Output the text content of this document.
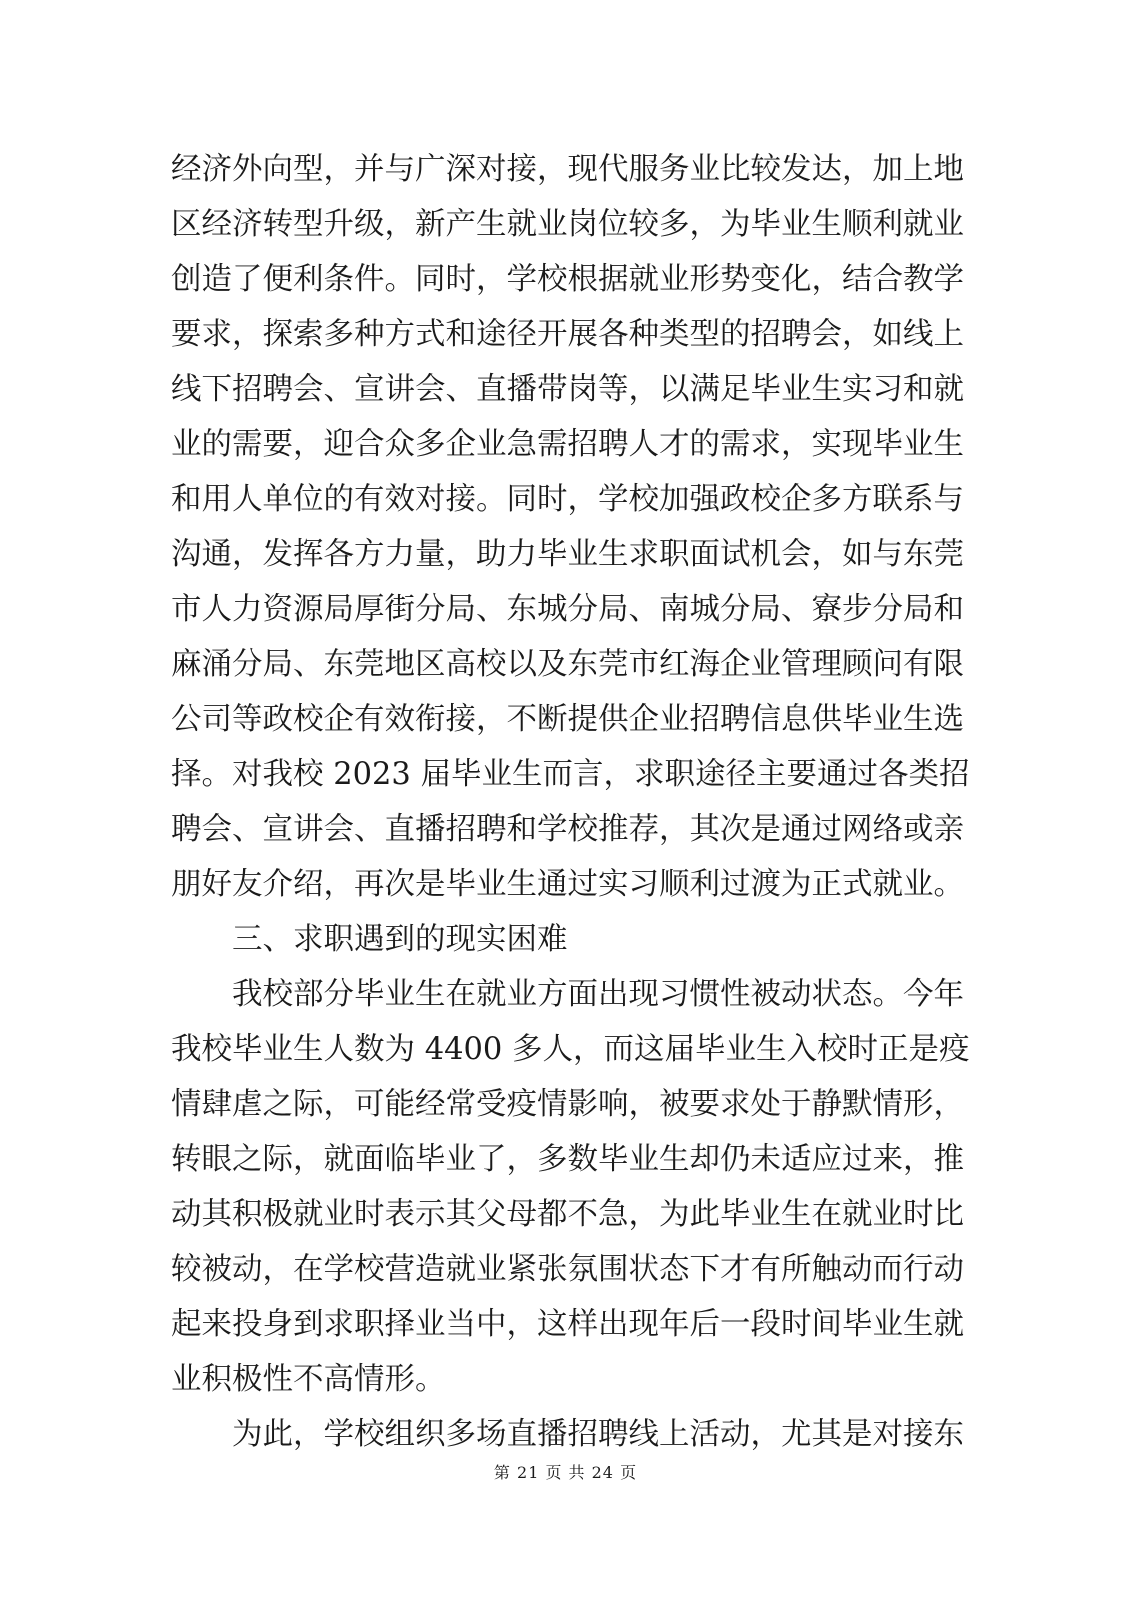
经济外向型，并与广深对接，现代服务业比较发达，加上地
区经济转型升级，新产生就业岗位较多，为毕业生顺利就业
创造了便利条件。同时，学校根据就业形势变化，结合教学
要求，探索多种方式和途径开展各种类型的招聘会，如线上
线下招聘会、宣讲会、直播带岗等，以满足毕业生实习和就
业的需要，迎合众多企业急需招聘人才的需求，实现毕业生
和用人单位的有效对接。同时，学校加强政校企多方联系与
沟通，发挥各方力量，助力毕业生求职面试机会，如与东莞
市人力资源局厚街分局、东城分局、南城分局、寮步分局和
麻涌分局、东莞地区高校以及东莞市红海企业管理顾问有限
公司等政校企有效衔接，不断提供企业招聘信息供毕业生选
择。对我校 2023 届毕业生而言，求职途径主要通过各类招
聘会、宣讲会、直播招聘和学校推荐，其次是通过网络或亲
朋好友介绍，再次是毕业生通过实习顺利过渡为正式就业。
三、求职遇到的现实困难
我校部分毕业生在就业方面出现习惯性被动状态。今年
我校毕业生人数为 4400 多人，而这届毕业生入校时正是疫
情肆虐之际，可能经常受疫情影响，被要求处于静默情形，
转眼之际，就面临毕业了，多数毕业生却仍未适应过来，推
动其积极就业时表示其父母都不急，为此毕业生在就业时比
较被动，在学校营造就业紧张氛围状态下才有所触动而行动
起来投身到求职择业当中，这样出现年后一段时间毕业生就
业积极性不高情形。
为此，学校组织多场直播招聘线上活动，尤其是对接东
第 21 页 共 24 页
